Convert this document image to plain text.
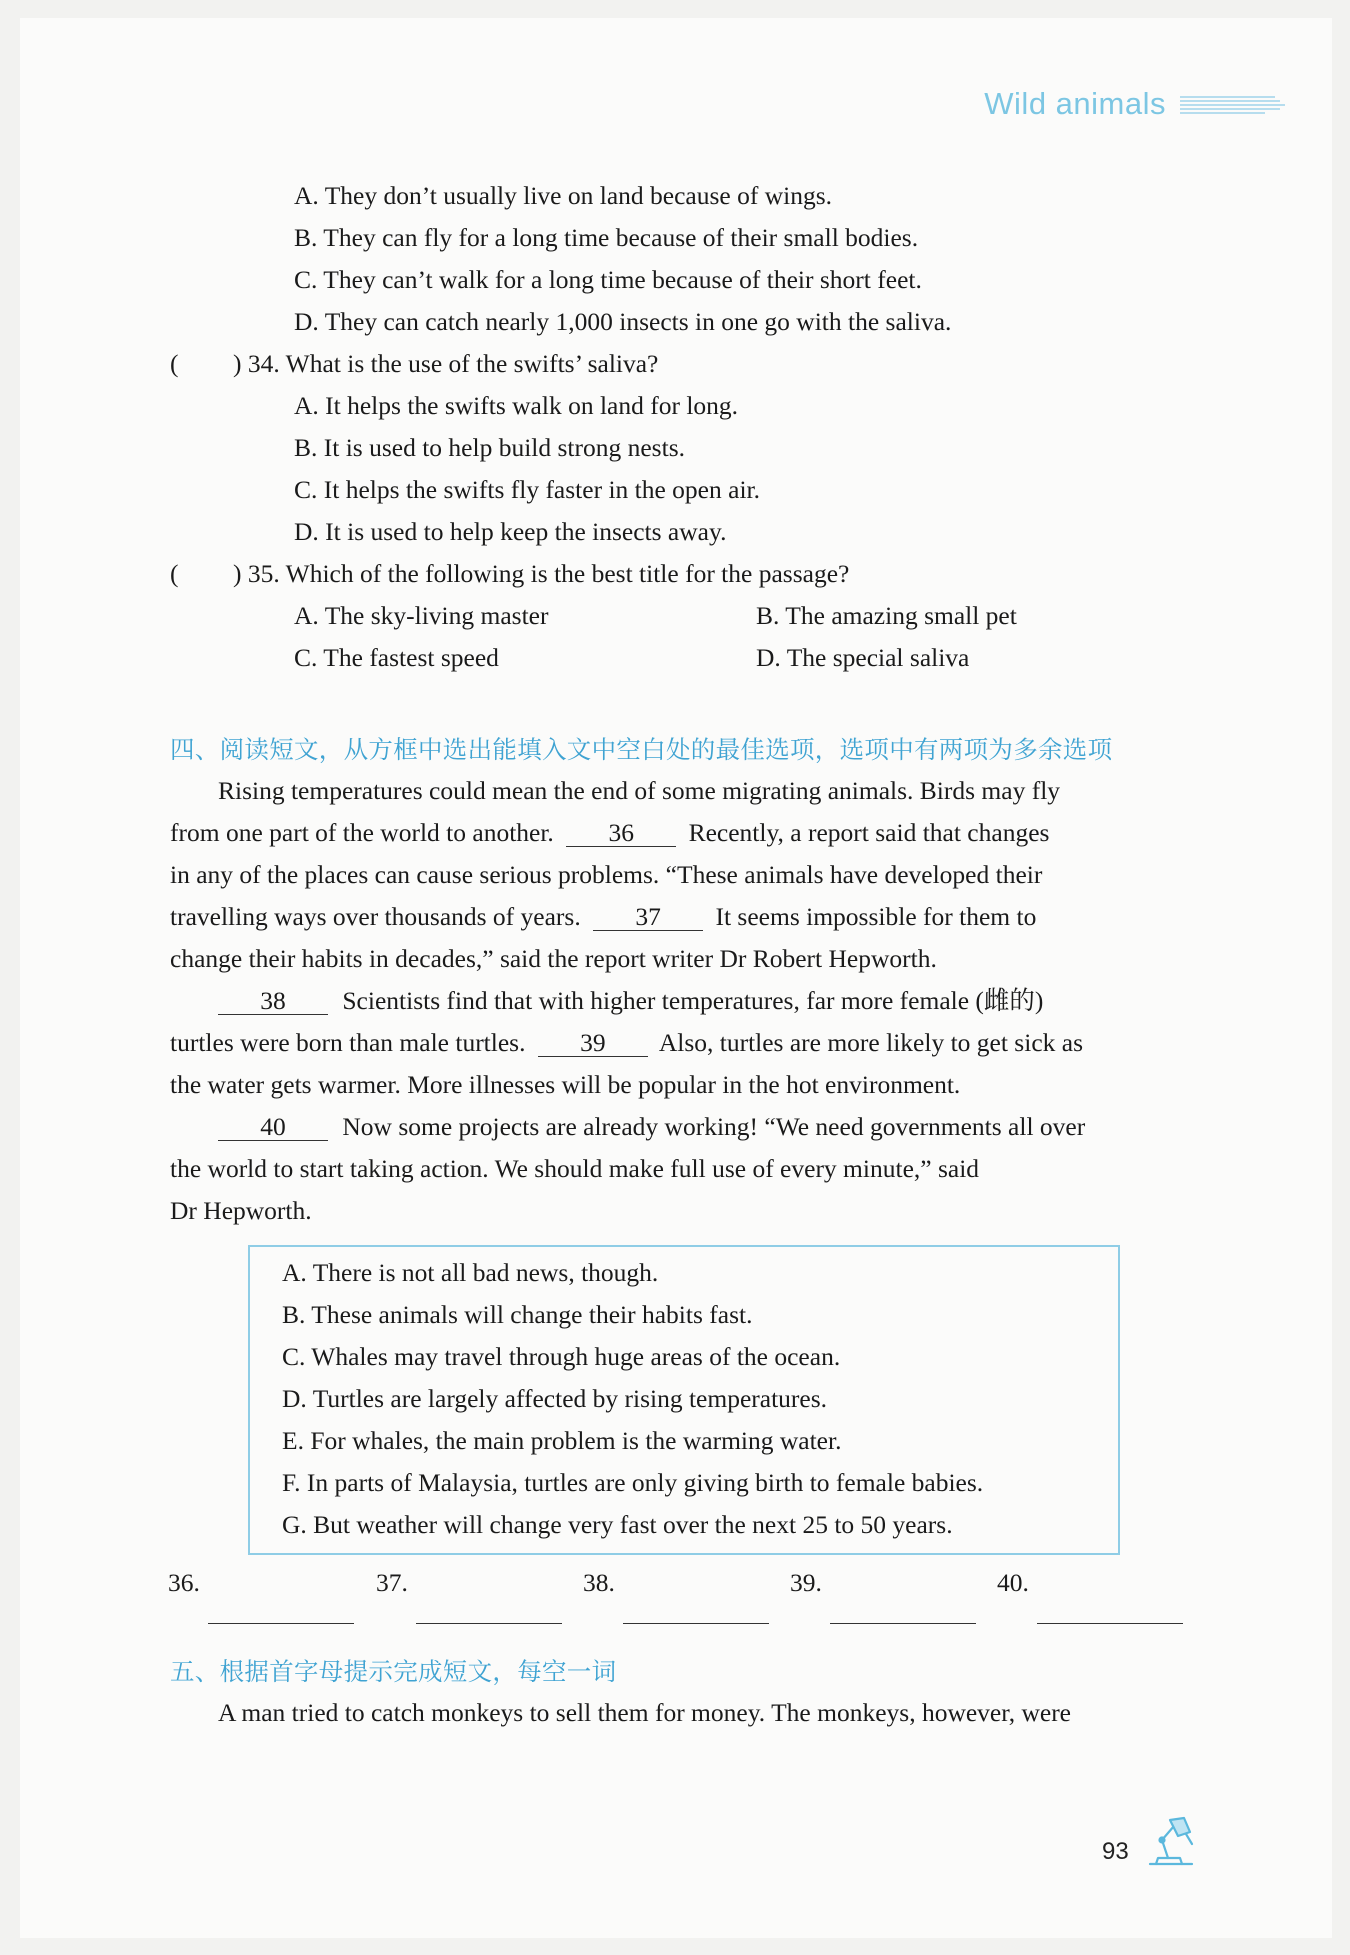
Wild animals
A. They don’t usually live on land because of wings.
B. They can fly for a long time because of their small bodies.
C. They can’t walk for a long time because of their short feet.
D. They can catch nearly 1,000 insects in one go with the saliva.
( ) 34. What is the use of the swifts’ saliva?
A. It helps the swifts walk on land for long.
B. It is used to help build strong nests.
C. It helps the swifts fly faster in the open air.
D. It is used to help keep the insects away.
( ) 35. Which of the following is the best title for the passage?
A. The sky-living master	B. The amazing small pet
C. The fastest speed	D. The special saliva
四、阅读短文，从方框中选出能填入文中空白处的最佳选项，选项中有两项为多余选项
Rising temperatures could mean the end of some migrating animals. Birds may fly
from one part of the world to another. 36 Recently, a report said that changes
in any of the places can cause serious problems. “These animals have developed their
travelling ways over thousands of years. 37 It seems impossible for them to
change their habits in decades,” said the report writer Dr Robert Hepworth.
38 Scientists find that with higher temperatures, far more female (雌的)
turtles were born than male turtles. 39 Also, turtles are more likely to get sick as
the water gets warmer. More illnesses will be popular in the hot environment.
40 Now some projects are already working! “We need governments all over
the world to start taking action. We should make full use of every minute,” said
Dr Hepworth.
A. There is not all bad news, though.
B. These animals will change their habits fast.
C. Whales may travel through huge areas of the ocean.
D. Turtles are largely affected by rising temperatures.
E. For whales, the main problem is the warming water.
F. In parts of Malaysia, turtles are only giving birth to female babies.
G. But weather will change very fast over the next 25 to 50 years.
36.	37.	38.	39.	40.
五、根据首字母提示完成短文，每空一词
A man tried to catch monkeys to sell them for money. The monkeys, however, were
93
